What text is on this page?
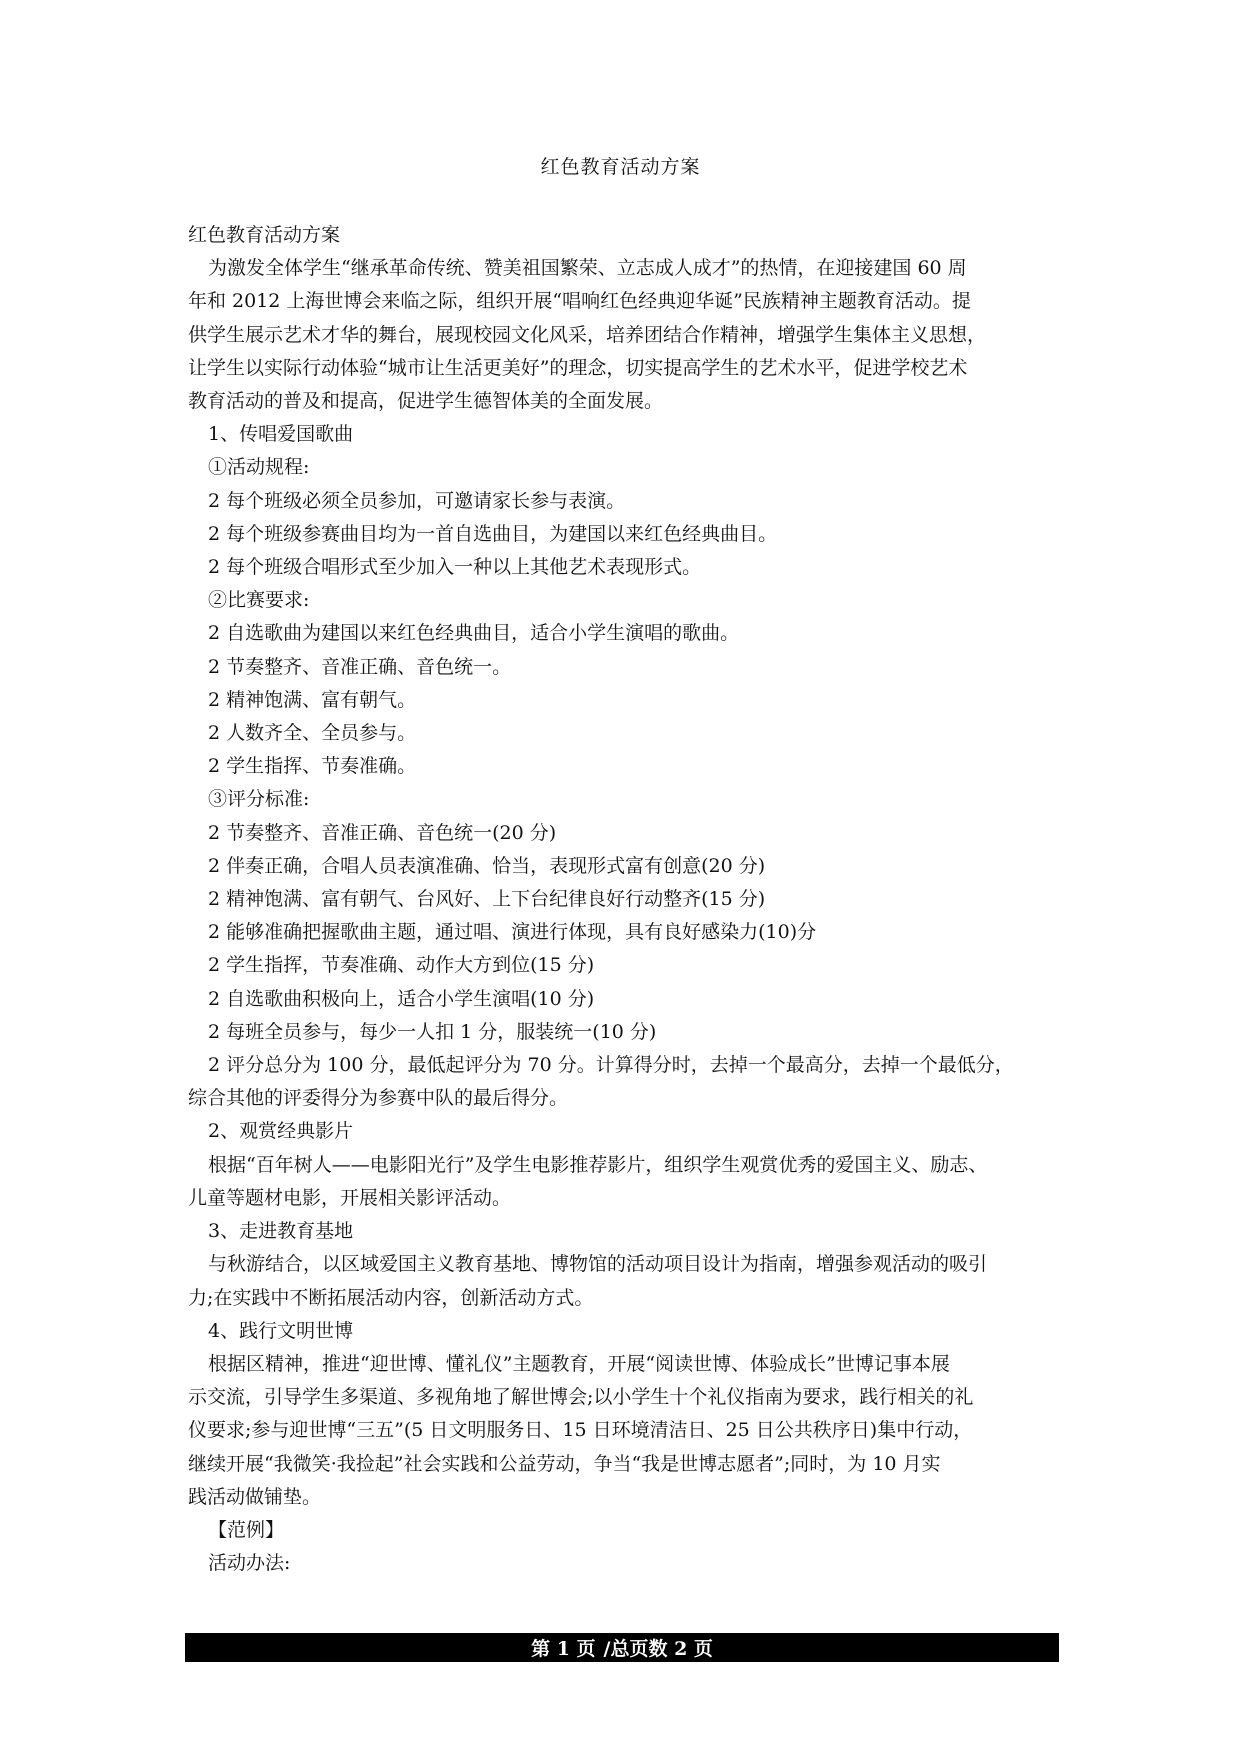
红色教育活动方案
红色教育活动方案
为激发全体学生“继承革命传统、赞美祖国繁荣、立志成人成才”的热情，在迎接建国 60 周
年和 2012 上海世博会来临之际，组织开展“唱响红色经典迎华诞”民族精神主题教育活动。提
供学生展示艺术才华的舞台，展现校园文化风采，培养团结合作精神，增强学生集体主义思想，
让学生以实际行动体验“城市让生活更美好”的理念，切实提高学生的艺术水平，促进学校艺术
教育活动的普及和提高，促进学生德智体美的全面发展。
1、传唱爱国歌曲
①活动规程:
2 每个班级必须全员参加，可邀请家长参与表演。
2 每个班级参赛曲目均为一首自选曲目，为建国以来红色经典曲目。
2 每个班级合唱形式至少加入一种以上其他艺术表现形式。
②比赛要求:
2 自选歌曲为建国以来红色经典曲目，适合小学生演唱的歌曲。
2 节奏整齐、音准正确、音色统一。
2 精神饱满、富有朝气。
2 人数齐全、全员参与。
2 学生指挥、节奏准确。
③评分标准:
2 节奏整齐、音准正确、音色统一(20 分)
2 伴奏正确，合唱人员表演准确、恰当，表现形式富有创意(20 分)
2 精神饱满、富有朝气、台风好、上下台纪律良好行动整齐(15 分)
2 能够准确把握歌曲主题，通过唱、演进行体现，具有良好感染力(10)分
2 学生指挥，节奏准确、动作大方到位(15 分)
2 自选歌曲积极向上，适合小学生演唱(10 分)
2 每班全员参与，每少一人扣 1 分，服装统一(10 分)
2 评分总分为 100 分，最低起评分为 70 分。计算得分时，去掉一个最高分，去掉一个最低分，
综合其他的评委得分为参赛中队的最后得分。
2、观赏经典影片
根据“百年树人——电影阳光行”及学生电影推荐影片，组织学生观赏优秀的爱国主义、励志、
儿童等题材电影，开展相关影评活动。
3、走进教育基地
与秋游结合，以区域爱国主义教育基地、博物馆的活动项目设计为指南，增强参观活动的吸引
力;在实践中不断拓展活动内容，创新活动方式。
4、践行文明世博
根据区精神，推进“迎世博、懂礼仪”主题教育，开展“阅读世博、体验成长”世博记事本展
示交流，引导学生多渠道、多视角地了解世博会;以小学生十个礼仪指南为要求，践行相关的礼
仪要求;参与迎世博“三五”(5 日文明服务日、15 日环境清洁日、25 日公共秩序日)集中行动，
继续开展“我微笑·我捡起”社会实践和公益劳动，争当“我是世博志愿者”;同时，为 10 月实
践活动做铺垫。
【范例】
活动办法:
第 1 页 /总页数 2 页
